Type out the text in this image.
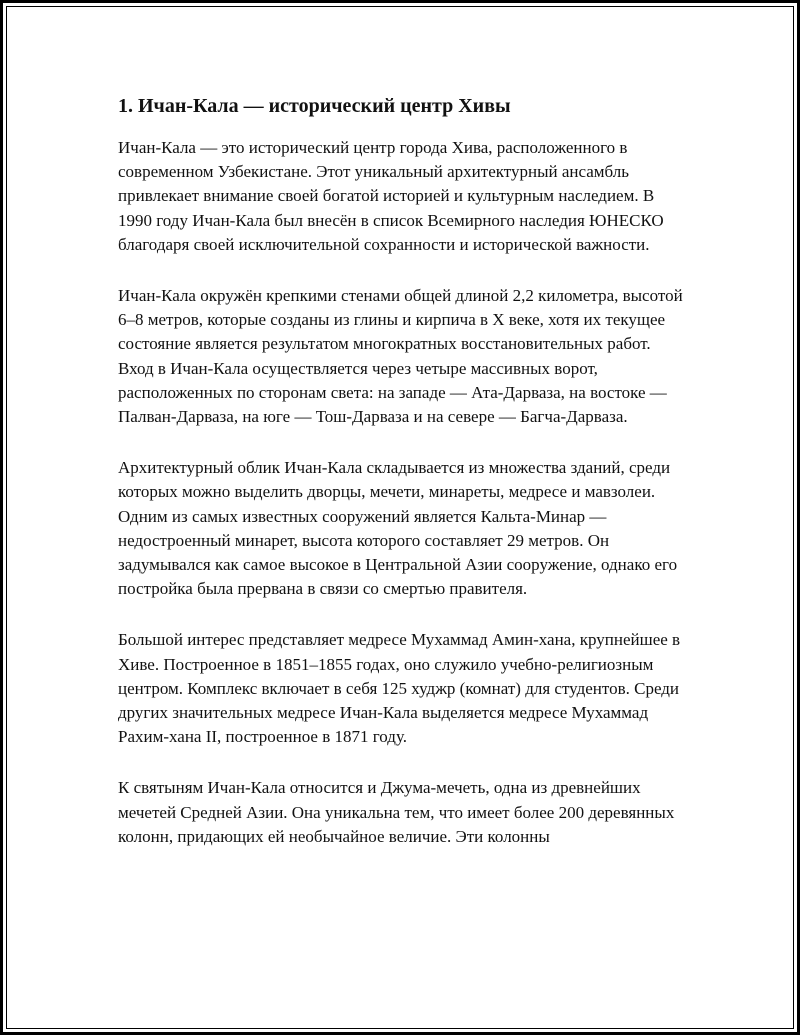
1. Ичан-Кала — исторический центр Хивы

Ичан-Кала — это исторический центр города Хива, расположенного в современном Узбекистане. Этот уникальный архитектурный ансамбль привлекает внимание своей богатой историей и культурным наследием. В 1990 году Ичан-Кала был внесён в список Всемирного наследия ЮНЕСКО благодаря своей исключительной сохранности и исторической важности.

Ичан-Кала окружён крепкими стенами общей длиной 2,2 километра, высотой 6–8 метров, которые созданы из глины и кирпича в X веке, хотя их текущее состояние является результатом многократных восстановительных работ. Вход в Ичан-Кала осуществляется через четыре массивных ворот, расположенных по сторонам света: на западе — Ата-Дарваза, на востоке — Палван-Дарваза, на юге — Тош-Дарваза и на севере — Багча-Дарваза.

Архитектурный облик Ичан-Кала складывается из множества зданий, среди которых можно выделить дворцы, мечети, минареты, медресе и мавзолеи. Одним из самых известных сооружений является Кальта-Минар — недостроенный минарет, высота которого составляет 29 метров. Он задумывался как самое высокое в Центральной Азии сооружение, однако его постройка была прервана в связи со смертью правителя.

Большой интерес представляет медресе Мухаммад Амин-хана, крупнейшее в Хиве. Построенное в 1851–1855 годах, оно служило учебно-религиозным центром. Комплекс включает в себя 125 худжр (комнат) для студентов. Среди других значительных медресе Ичан-Кала выделяется медресе Мухаммад Рахим-хана II, построенное в 1871 году.

К святыням Ичан-Кала относится и Джума-мечеть, одна из древнейших мечетей Средней Азии. Она уникальна тем, что имеет более 200 деревянных колонн, придающих ей необычайное величие. Эти колонны
